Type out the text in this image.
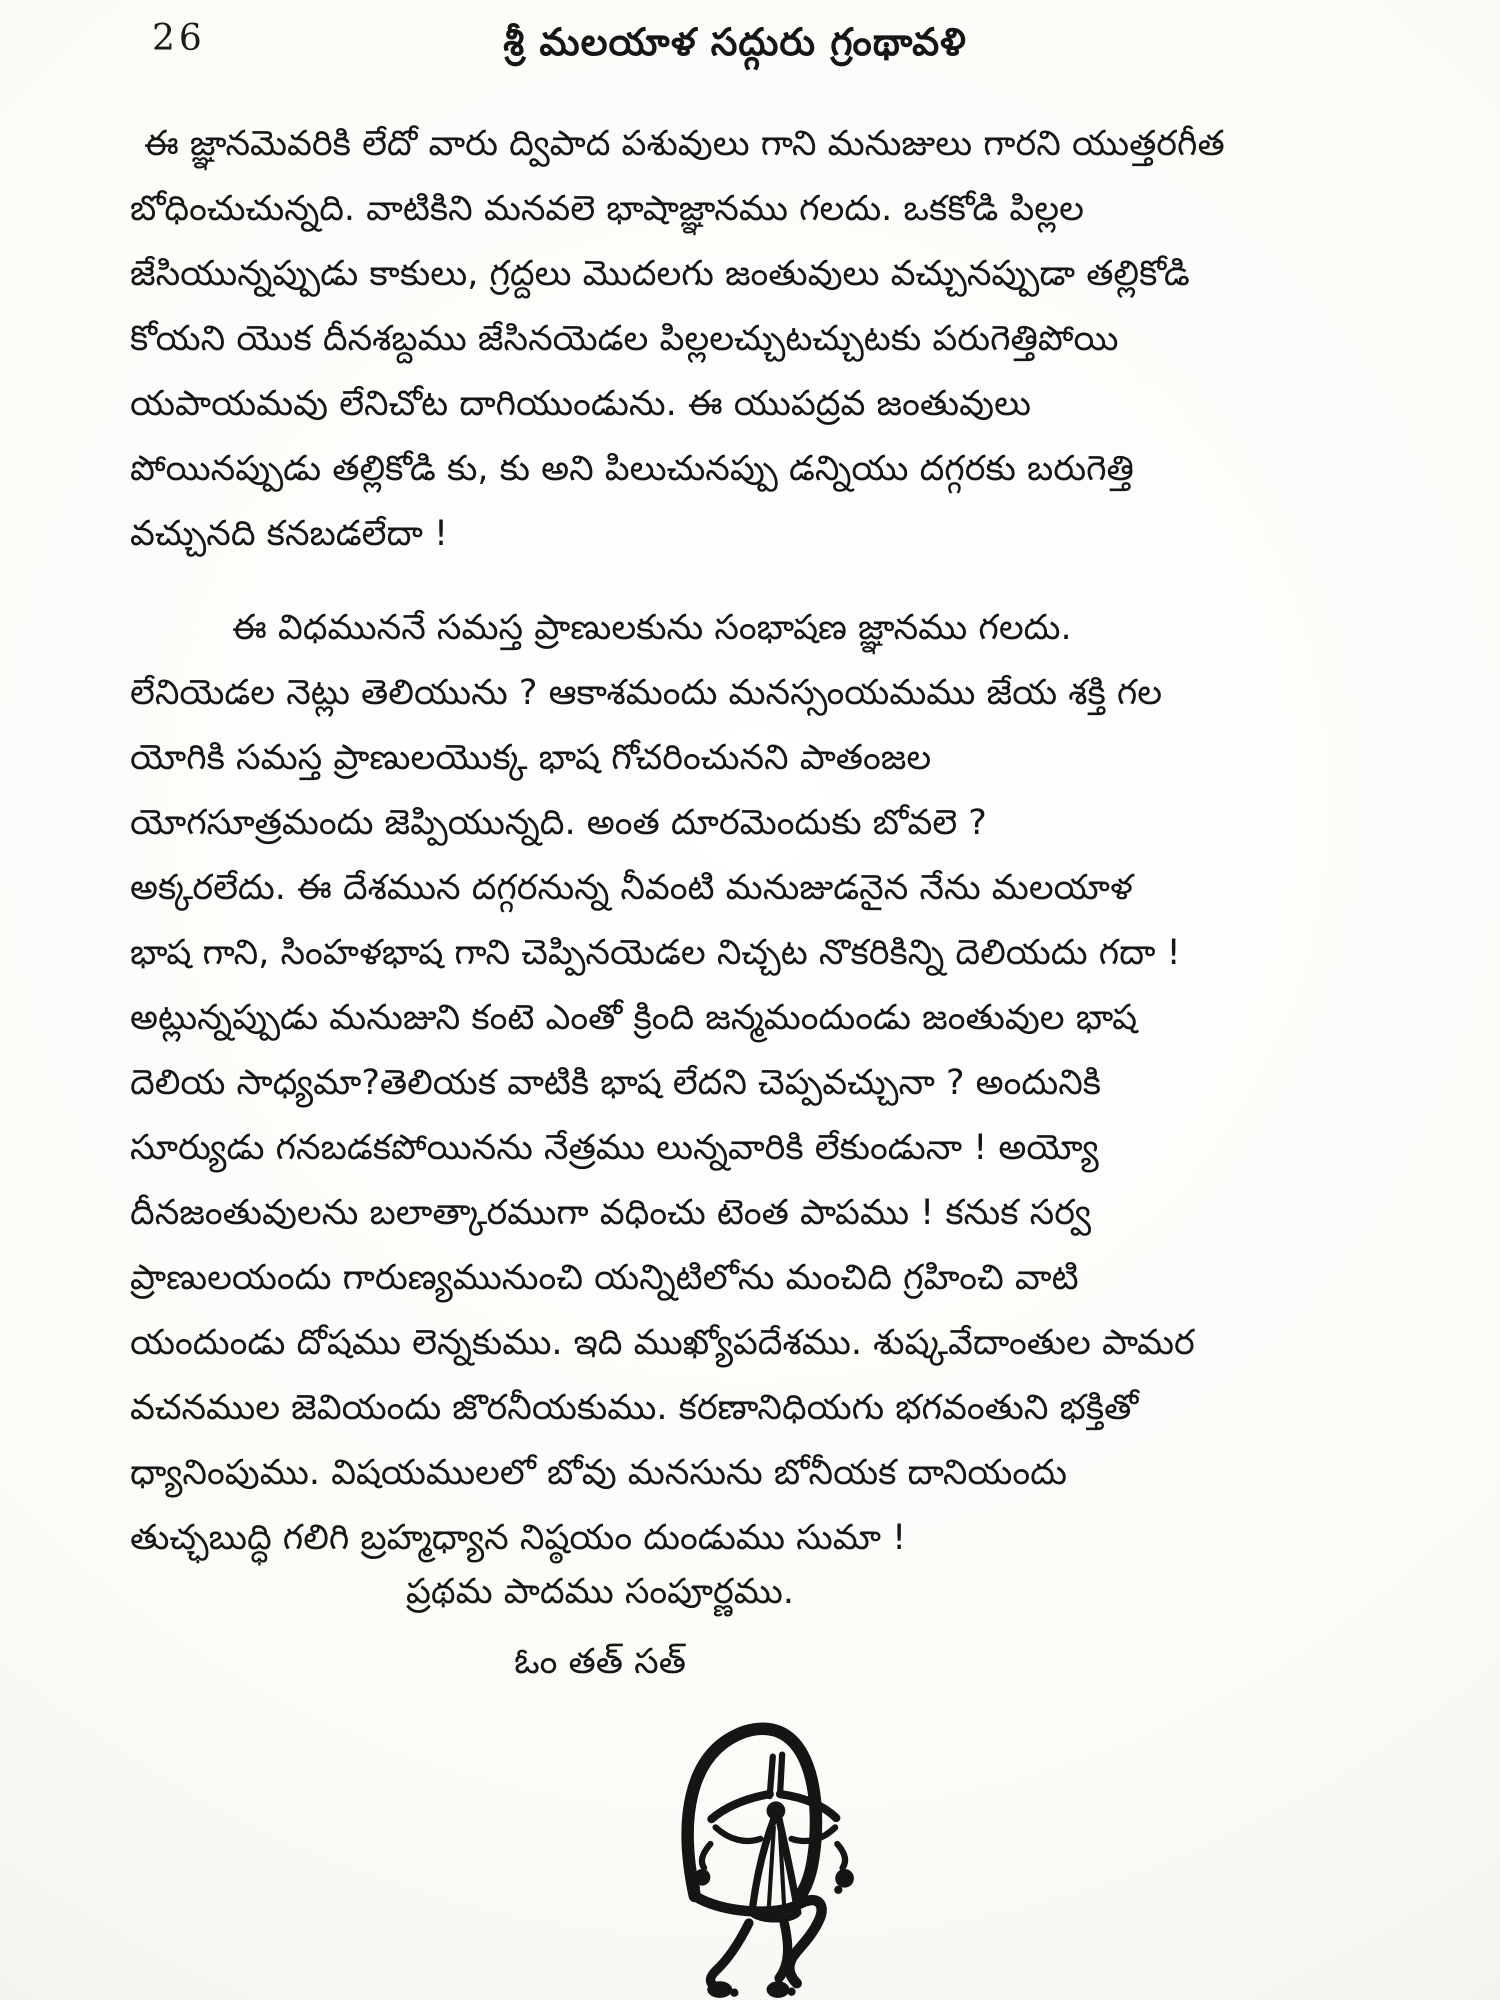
26	శ్రీ మలయాళ సద్గురు గ్రంథావళి
ఈ జ్ఞానమెవరికి లేదో వారు ద్విపాద పశువులు గాని మనుజులు గారని యుత్తరగీత
బోధించుచున్నది. వాటికిని మనవలె భాషాజ్ఞానము గలదు. ఒకకోడి పిల్లల
జేసియున్నప్పుడు కాకులు, గ్రద్దలు మొదలగు జంతువులు వచ్చునప్పుడా తల్లికోడి
కోయని యొక దీనశబ్దము జేసినయెడల పిల్లలచ్చుటచ్చుటకు పరుగెత్తిపోయి
యపాయమవు లేనిచోట దాగియుండును. ఈ యుపద్రవ జంతువులు
పోయినప్పుడు తల్లికోడి కు, కు అని పిలుచునప్పు డన్నియు దగ్గరకు బరుగెత్తి
వచ్చునది కనబడలేదా !
ఈ విధముననే సమస్త ప్రాణులకును సంభాషణ జ్ఞానము గలదు.
లేనియెడల నెట్లు తెలియును ? ఆకాశమందు మనస్సంయమము జేయ శక్తి గల
యోగికి సమస్త ప్రాణులయొక్క భాష గోచరించునని పాతంజల
యోగసూత్రమందు జెప్పియున్నది. అంత దూరమెందుకు బోవలె ?
అక్కరలేదు. ఈ దేశమున దగ్గరనున్న నీవంటి మనుజుడనైన నేను మలయాళ
భాష గాని, సింహళభాష గాని చెప్పినయెడల నిచ్చట నొకరికిన్ని దెలియదు గదా !
అట్లున్నప్పుడు మనుజుని కంటె ఎంతో క్రింది జన్మమందుండు జంతువుల భాష
దెలియ సాధ్యమా?తెలియక వాటికి భాష లేదని చెప్పవచ్చునా ? అందునికి
సూర్యుడు గనబడకపోయినను నేత్రము లున్నవారికి లేకుండునా ! అయ్యో
దీనజంతువులను బలాత్కారముగా వధించు టెంత పాపము ! కనుక సర్వ
ప్రాణులయందు గారుణ్యమునుంచి యన్నిటిలోను మంచిది గ్రహించి వాటి
యందుండు దోషము లెన్నకుము. ఇది ముఖ్యోపదేశము. శుష్కవేదాంతుల పామర
వచనముల జెవియందు జొరనీయకుము. కరణానిధియగు భగవంతుని భక్తితో
ధ్యానింపుము. విషయములలో బోవు మనసును బోనీయక దానియందు
తుచ్ఛబుద్ధి గలిగి బ్రహ్మధ్యాన నిష్ఠయం దుండుము సుమా !
ప్రథమ పాదము సంపూర్ణము.
ఓం తత్ సత్
